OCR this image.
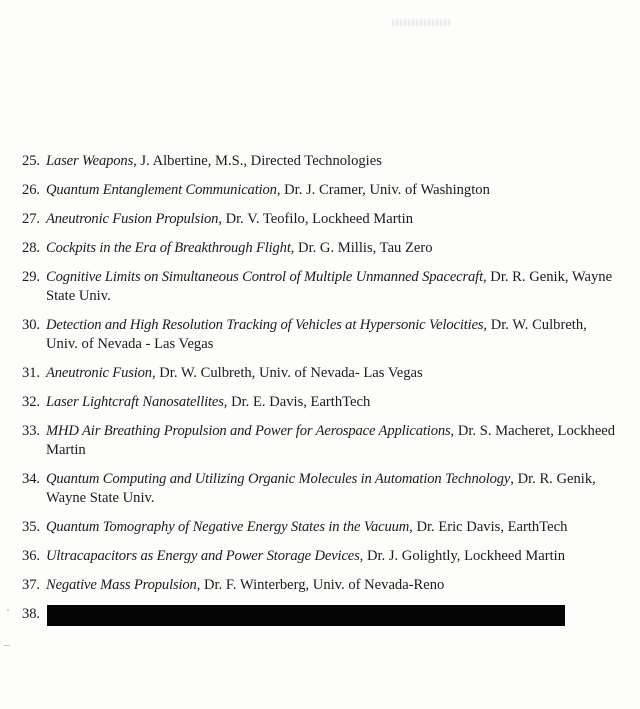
25. Laser Weapons, J. Albertine, M.S., Directed Technologies
26. Quantum Entanglement Communication, Dr. J. Cramer, Univ. of Washington
27. Aneutronic Fusion Propulsion, Dr. V. Teofilo, Lockheed Martin
28. Cockpits in the Era of Breakthrough Flight, Dr. G. Millis, Tau Zero
29. Cognitive Limits on Simultaneous Control of Multiple Unmanned Spacecraft, Dr. R. Genik, Wayne State Univ.
30. Detection and High Resolution Tracking of Vehicles at Hypersonic Velocities, Dr. W. Culbreth, Univ. of Nevada - Las Vegas
31. Aneutronic Fusion, Dr. W. Culbreth, Univ. of Nevada- Las Vegas
32. Laser Lightcraft Nanosatellites, Dr. E. Davis, EarthTech
33. MHD Air Breathing Propulsion and Power for Aerospace Applications, Dr. S. Macheret, Lockheed Martin
34. Quantum Computing and Utilizing Organic Molecules in Automation Technology, Dr. R. Genik, Wayne State Univ.
35. Quantum Tomography of Negative Energy States in the Vacuum, Dr. Eric Davis, EarthTech
36. Ultracapacitors as Energy and Power Storage Devices, Dr. J. Golightly, Lockheed Martin
37. Negative Mass Propulsion, Dr. F. Winterberg, Univ. of Nevada-Reno
38.
